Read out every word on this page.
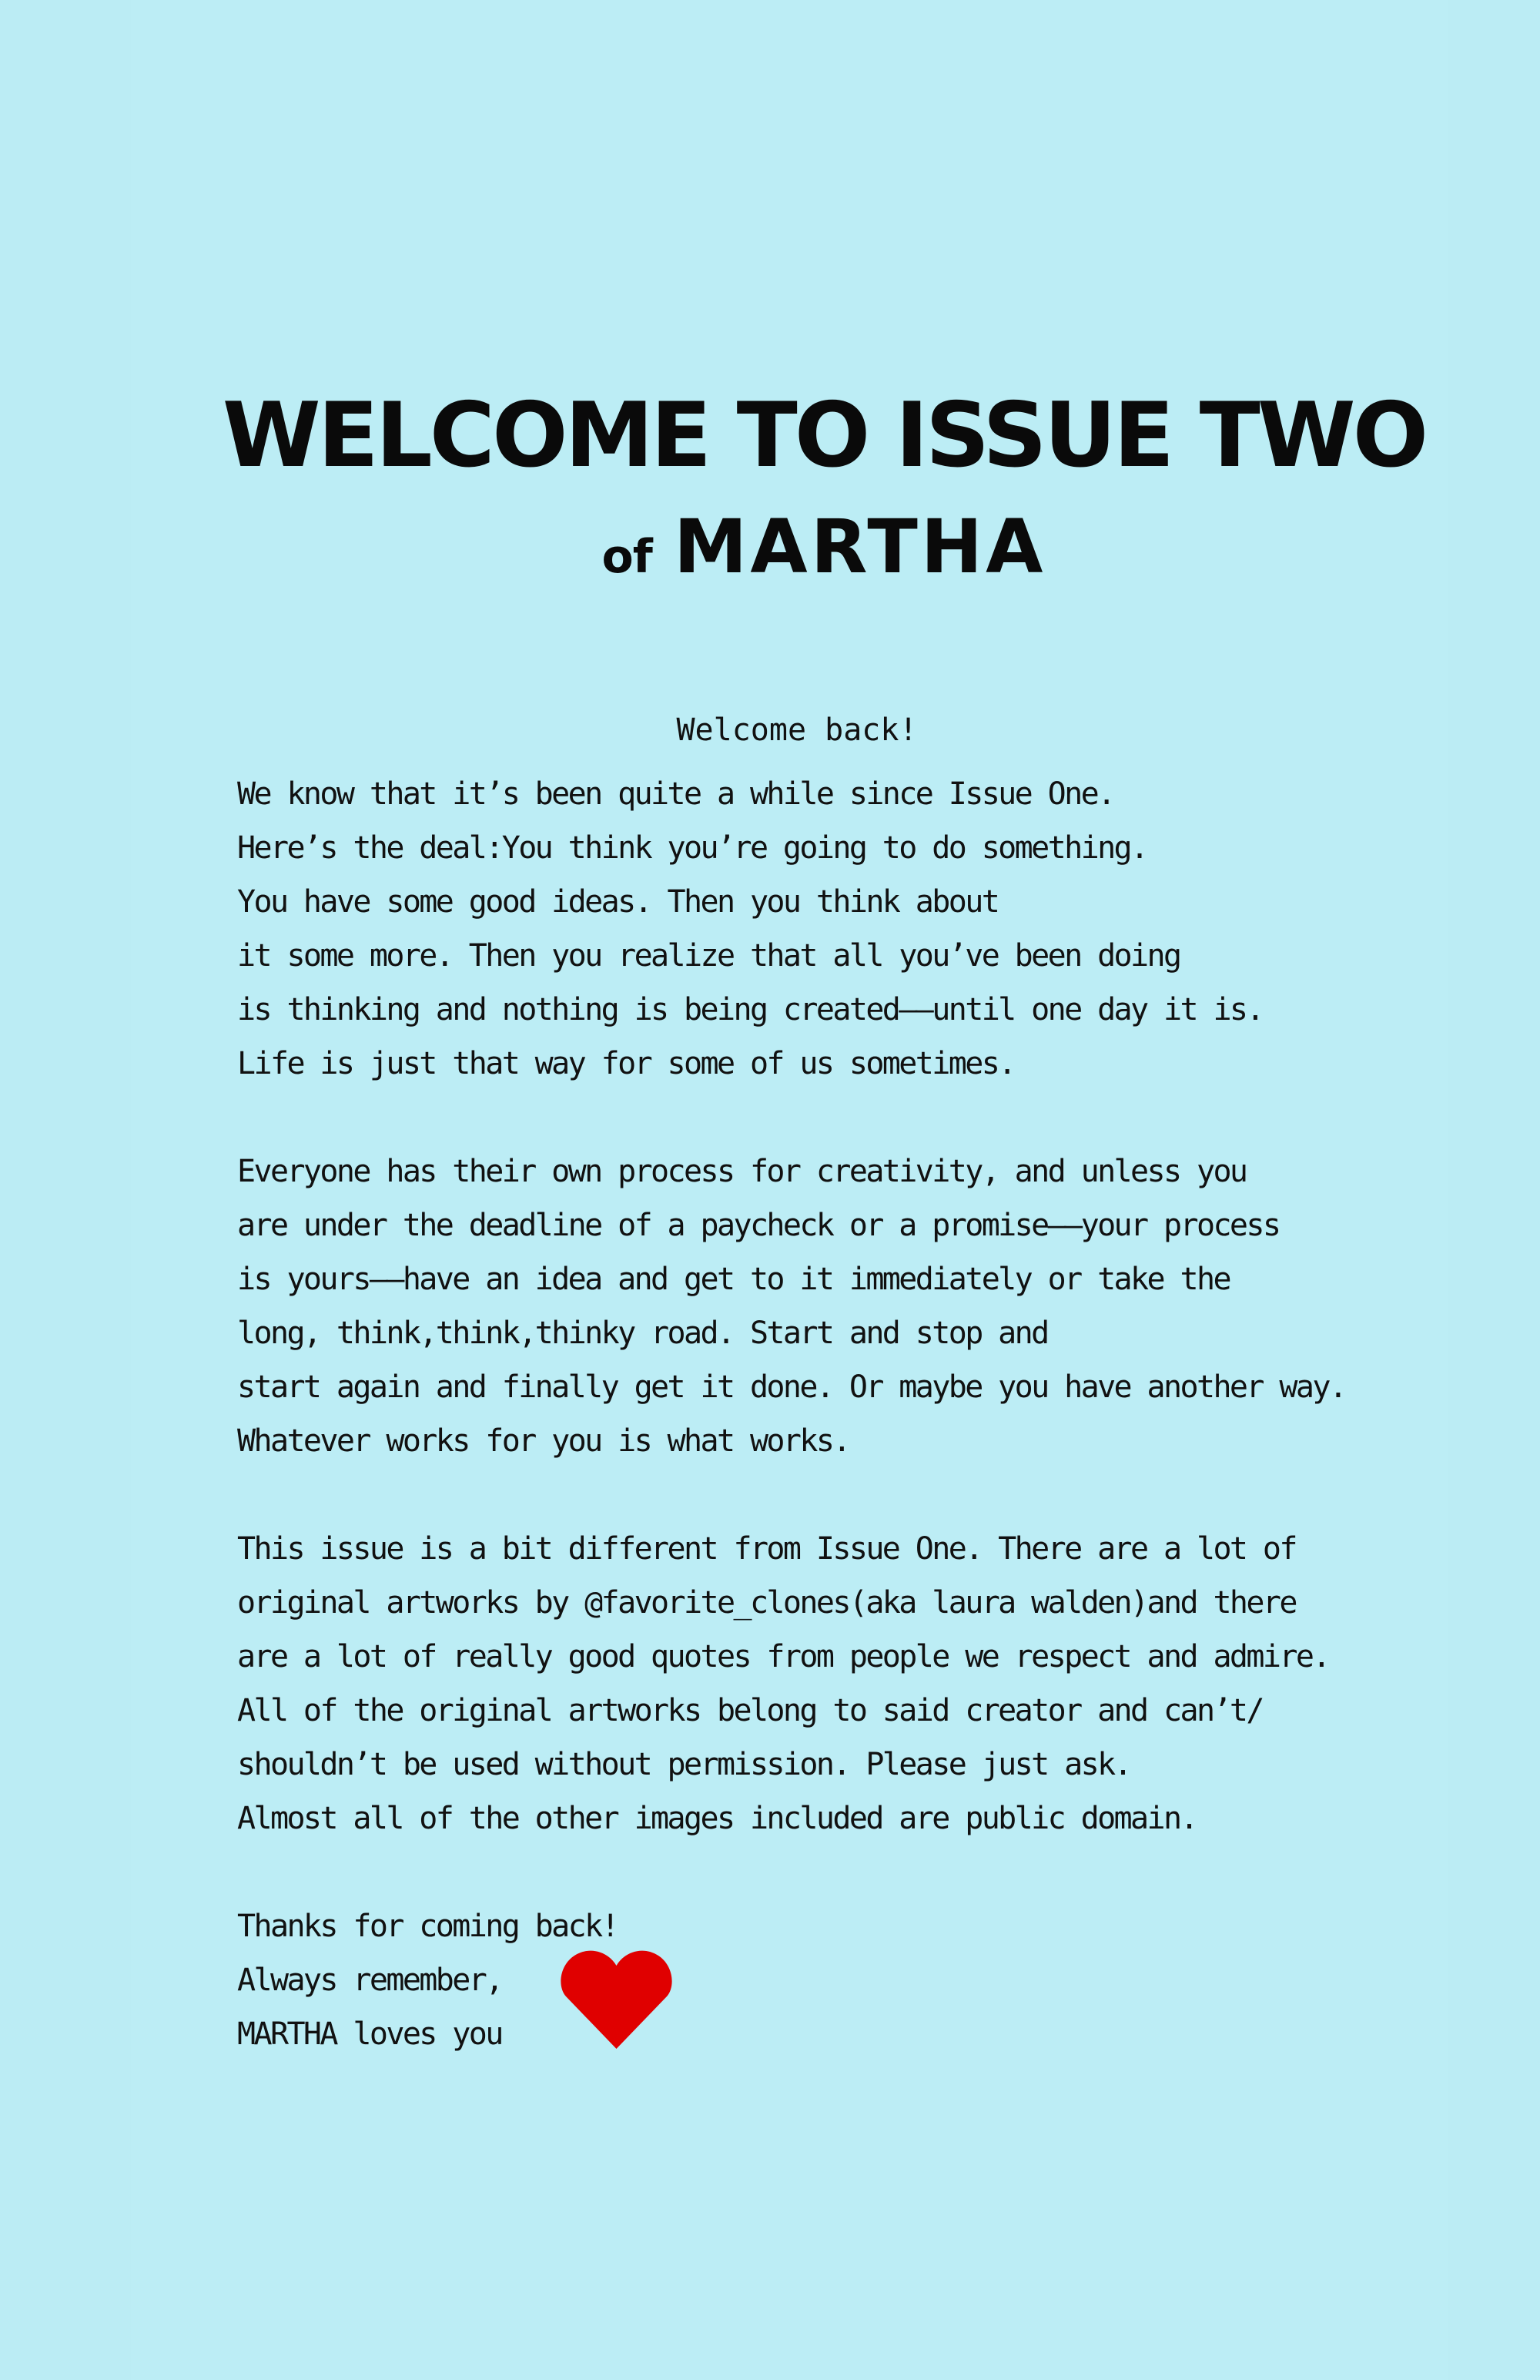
WELCOME TO ISSUE TWO
of MARTHA
Welcome back!
We know that it’s been quite a while since Issue One.
Here’s the deal:You think you’re going to do something.
You have some good ideas. Then you think about
it some more. Then you realize that all you’ve been doing
is thinking and nothing is being created——until one day it is.
Life is just that way for some of us sometimes.
Everyone has their own process for creativity, and unless you
are under the deadline of a paycheck or a promise——your process
is yours——have an idea and get to it immediately or take the
long, think,think,thinky road. Start and stop and
start again and finally get it done. Or maybe you have another way.
Whatever works for you is what works.
This issue is a bit different from Issue One. There are a lot of
original artworks by @favorite_clones(aka laura walden)and there
are a lot of really good quotes from people we respect and admire.
All of the original artworks belong to said creator and can’t/
shouldn’t be used without permission. Please just ask.
Almost all of the other images included are public domain.
Thanks for coming back!
Always remember,
MARTHA loves you
